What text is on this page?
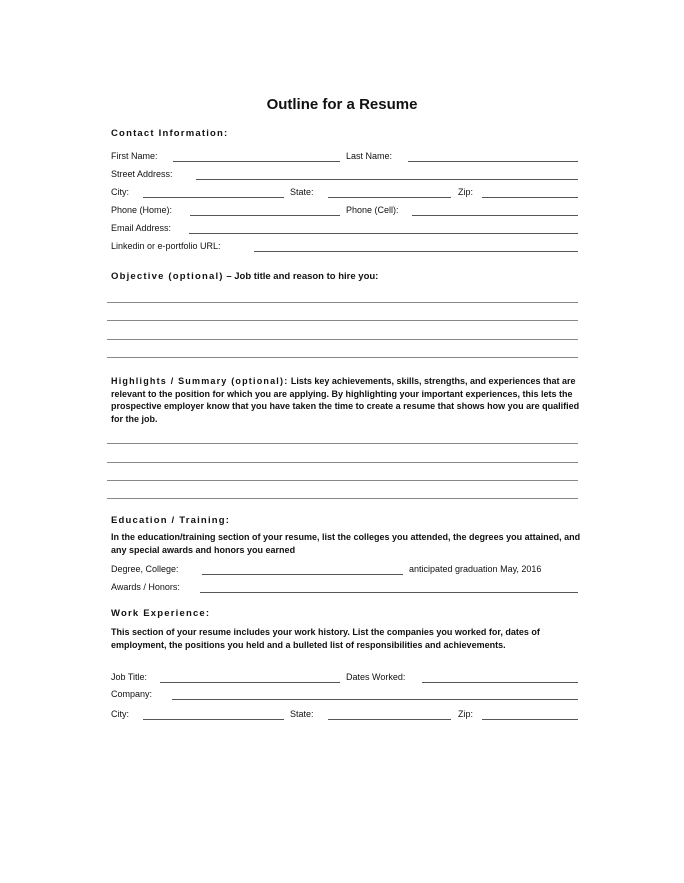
Outline for a Resume
Contact Information:
First Name:	Last Name:
Street Address:
City:	State:	Zip:
Phone (Home):	Phone (Cell):
Email Address:
Linkedin or e-portfolio URL:
Objective (optional) – Job title and reason to hire you:
Highlights / Summary (optional): Lists key achievements, skills, strengths, and experiences that are relevant to the position for which you are applying. By highlighting your important experiences, this lets the prospective employer know that you have taken the time to create a resume that shows how you are qualified for the job.
Education / Training:
In the education/training section of your resume, list the colleges you attended, the degrees you attained, and any special awards and honors you earned
Degree, College:	anticipated graduation May, 2016
Awards / Honors:
Work Experience:
This section of your resume includes your work history. List the companies you worked for, dates of employment, the positions you held and a bulleted list of responsibilities and achievements.
Job Title:	Dates Worked:
Company:
City:	State:	Zip:
